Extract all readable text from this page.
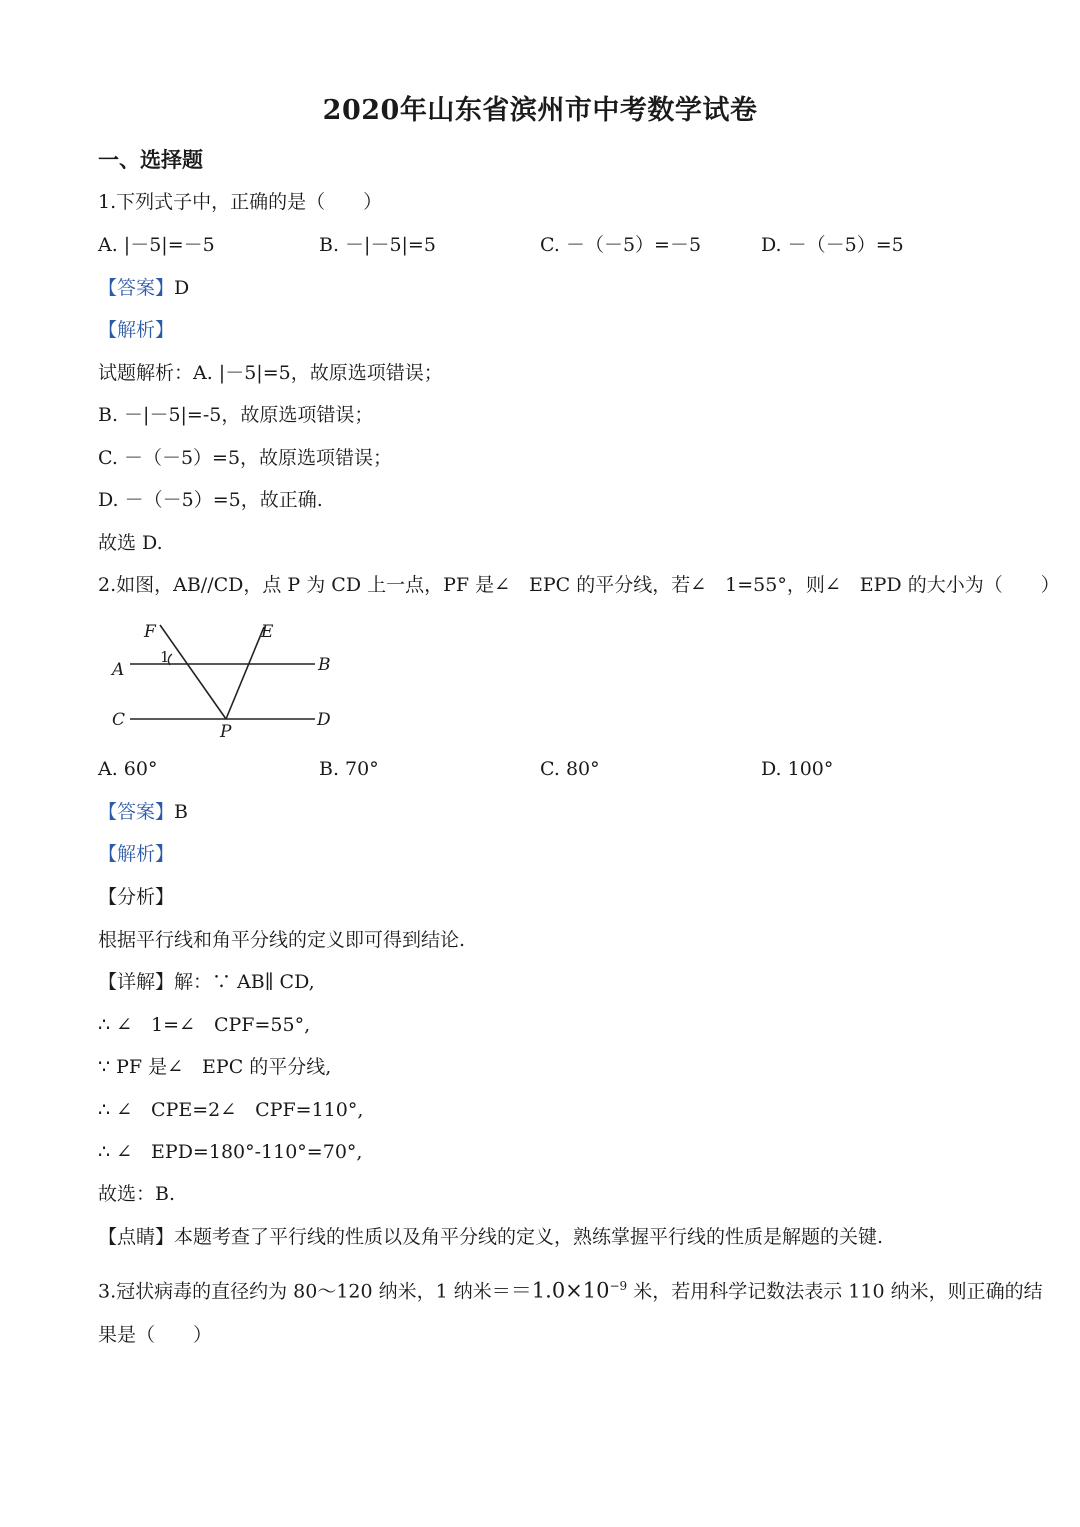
2020年山东省滨州市中考数学试卷
一、选择题
1.下列式子中，正确的是（　　）
A. |－5|=－5	B. －|－5|=5	C. －（－5）=－5	D. －（－5）=5
【答案】D
【解析】
试题解析：A. |－5|=5，故原选项错误；
B. －|－5|=-5，故原选项错误；
C. －（－5）=5，故原选项错误；
D. －（－5）=5，故正确.
故选 D.
2.如图，AB//CD，点 P 为 CD 上一点，PF 是∠　EPC 的平分线，若∠　1=55°，则∠　EPD 的大小为（　　）
F	E
A	B
C	D
P
1
A. 60°	B. 70°	C. 80°	D. 100°
【答案】B
【解析】
【分析】
根据平行线和角平分线的定义即可得到结论.
【详解】解：∵ AB∥ CD,
∴ ∠　1=∠　CPF=55°,
∵ PF 是∠　EPC 的平分线,
∴ ∠　CPE=2∠　CPF=110°,
∴ ∠　EPD=180°-110°=70°,
故选：B.
【点睛】本题考查了平行线的性质以及角平分线的定义，熟练掌握平行线的性质是解题的关键.
3.冠状病毒的直径约为 80～120 纳米，1 纳米$==1.0\times 10^{-9}$ 米，若用科学记数法表示 110 纳米，则正确的结
果是（　　）
